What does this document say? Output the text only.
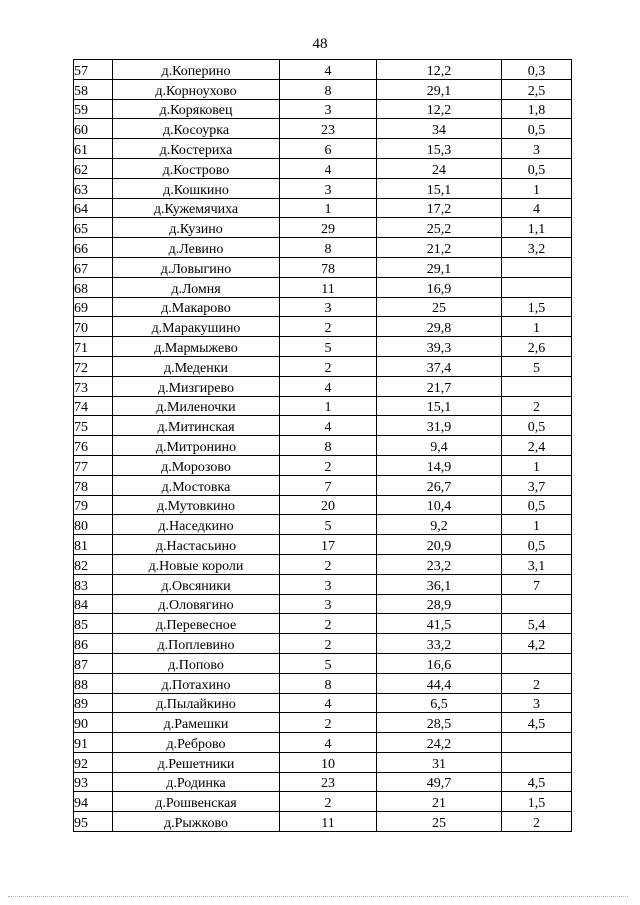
48
57	д.Коперино	4	12,2	0,3
58	д.Корноухово	8	29,1	2,5
59	д.Коряковец	3	12,2	1,8
60	д.Косоурка	23	34	0,5
61	д.Костериха	6	15,3	3
62	д.Кострово	4	24	0,5
63	д.Кошкино	3	15,1	1
64	д.Кужемячиха	1	17,2	4
65	д.Кузино	29	25,2	1,1
66	д.Левино	8	21,2	3,2
67	д.Ловыгино	78	29,1	
68	д.Ломня	11	16,9	
69	д.Макарово	3	25	1,5
70	д.Маракушино	2	29,8	1
71	д.Мармыжево	5	39,3	2,6
72	д.Меденки	2	37,4	5
73	д.Мизгирево	4	21,7	
74	д.Миленочки	1	15,1	2
75	д.Митинская	4	31,9	0,5
76	д.Митронино	8	9,4	2,4
77	д.Морозово	2	14,9	1
78	д.Мостовка	7	26,7	3,7
79	д.Мутовкино	20	10,4	0,5
80	д.Наседкино	5	9,2	1
81	д.Настасьино	17	20,9	0,5
82	д.Новые короли	2	23,2	3,1
83	д.Овсяники	3	36,1	7
84	д.Оловягино	3	28,9	
85	д.Перевесное	2	41,5	5,4
86	д.Поплевино	2	33,2	4,2
87	д.Попово	5	16,6	
88	д.Потахино	8	44,4	2
89	д.Пылайкино	4	6,5	3
90	д.Рамешки	2	28,5	4,5
91	д.Реброво	4	24,2	
92	д.Решетники	10	31	
93	д.Родинка	23	49,7	4,5
94	д.Рошвенская	2	21	1,5
95	д.Рыжково	11	25	2
